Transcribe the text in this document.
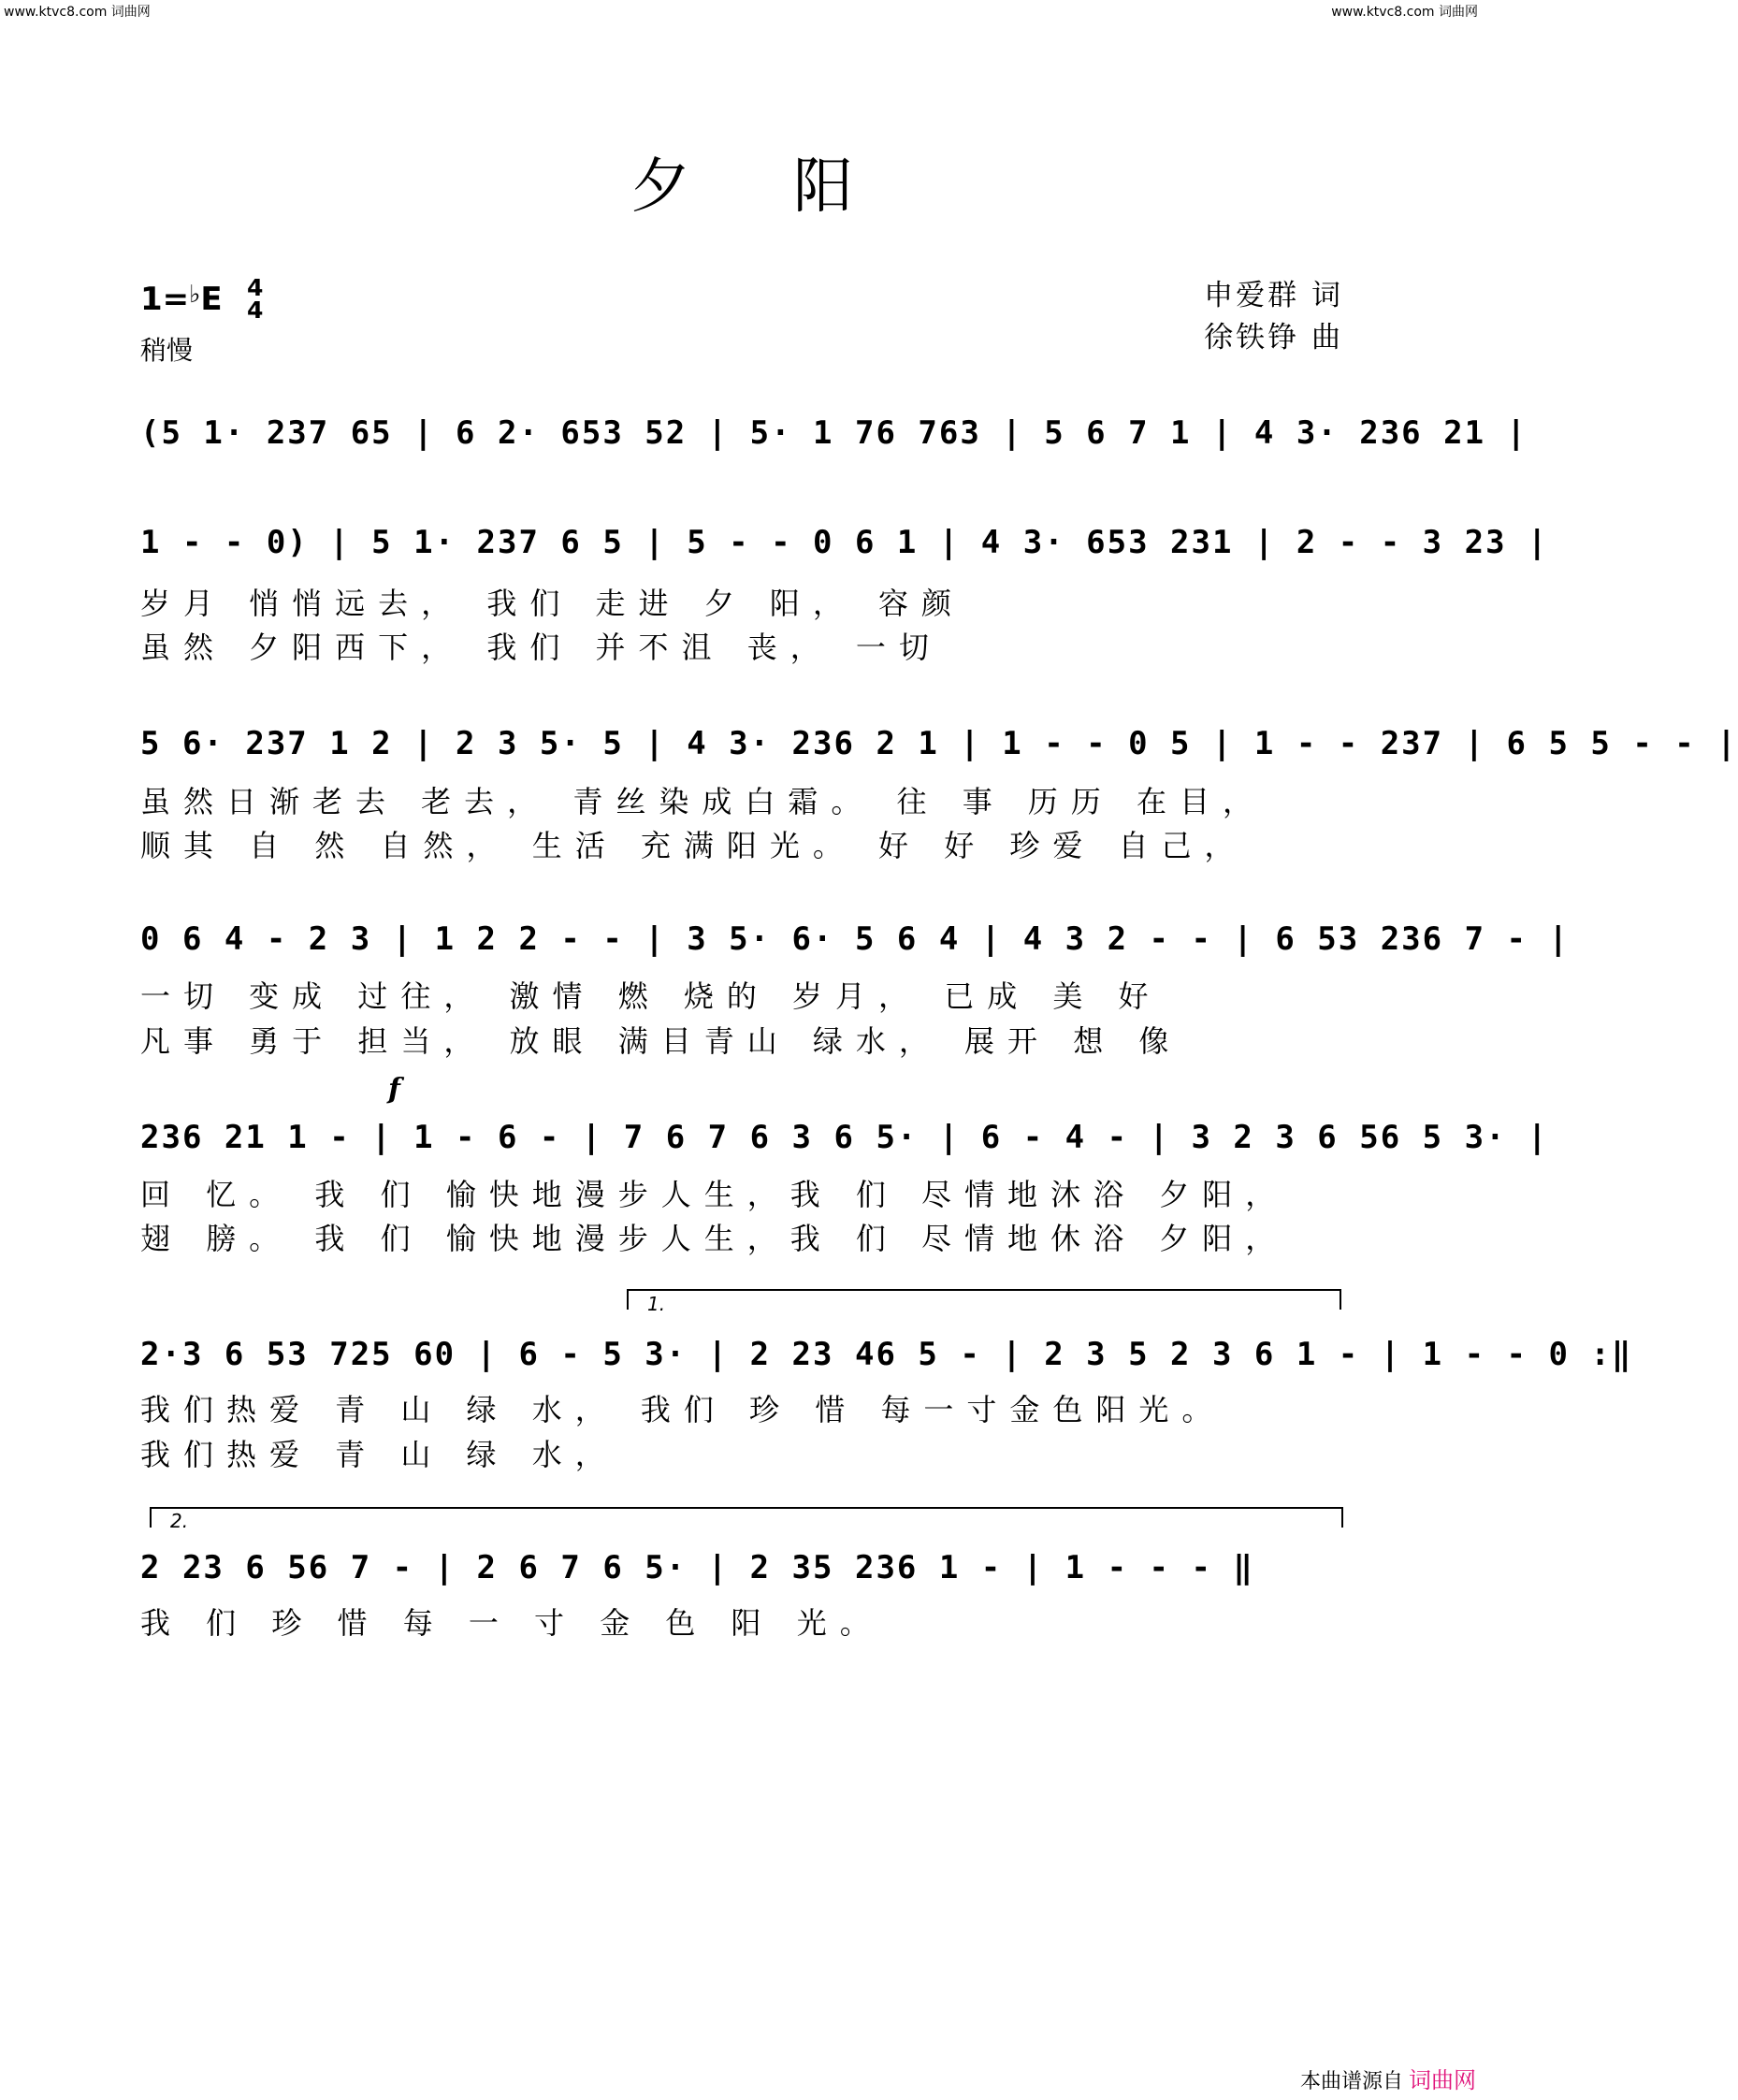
www.ktvc8.com 词曲网	www.ktvc8.com 词曲网
夕阳
1=♭E 4
4
稍慢
申爱群 词
徐铁铮 曲
(5 1· 237 65 | 6 2· 653 52 | 5· 1 76 763 | 5 6 7 1 | 4 3· 236 21 |
1 - - 0) | 5 1· 237 6 5 | 5 - - 0 6 1 | 4 3· 653 231 | 2 - - 3 23 |
岁月 悄悄远去， 我们 走进 夕 阳， 容颜
虽然 夕阳西下， 我们 并不沮 丧， 一切
5 6· 237 1 2 | 2 3 5· 5 | 4 3· 236 2 1 | 1 - - 0 5 | 1 - - 237 | 6 5 5 - - |
虽然日渐老去 老去， 青丝染成白霜。 往 事 历历 在目，
顺其 自 然 自然， 生活 充满阳光。 好 好 珍爱 自己，
0 6 4 - 2 3 | 1 2 2 - - | 3 5· 6· 5 6 4 | 4 3 2 - - | 6 53 236 7 - |
一切 变成 过往， 激情 燃 烧的 岁月， 已成 美 好
凡事 勇于 担当， 放眼 满目青山 绿水， 展开 想 像
f
236 21 1 - | 1 - 6 - | 7 6 7 6 3 6 5· | 6 - 4 - | 3 2 3 6 56 5 3· |
回 忆。 我 们 愉快地漫步人生，我 们 尽情地沐浴 夕阳，
翅 膀。 我 们 愉快地漫步人生，我 们 尽情地休浴 夕阳，
1.
2·3 6 53 725 60 | 6 - 5 3· | 2 23 46 5 - | 2 3 5 2 3 6 1 - | 1 - - 0 :‖
我们热爱 青 山 绿 水， 我们 珍 惜 每一寸金色阳光。
我们热爱 青 山 绿 水，
2.
2 23 6 56 7 - | 2 6 7 6 5· | 2 35 236 1 - | 1 - - - ‖
我 们 珍 惜 每 一 寸 金 色 阳 光。
本曲谱源自 词曲网
